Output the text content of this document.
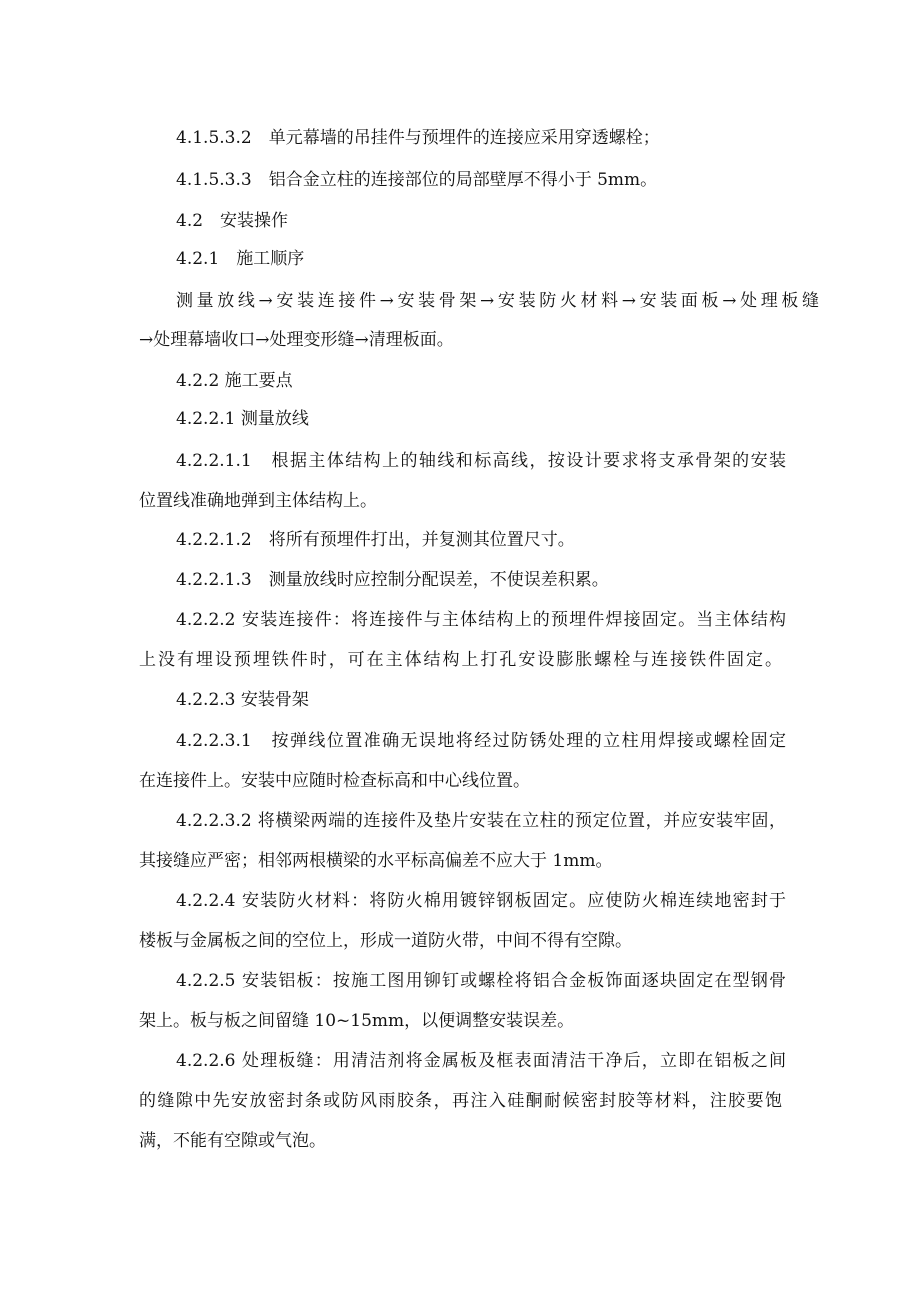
4.1.5.3.2　单元幕墙的吊挂件与预埋件的连接应采用穿透螺栓；
4.1.5.3.3　铝合金立柱的连接部位的局部壁厚不得小于 5mm。
4.2　安装操作
4.2.1　施工顺序
测量放线→安装连接件→安装骨架→安装防火材料→安装面板→处理板缝
→处理幕墙收口→处理变形缝→清理板面。
4.2.2 施工要点
4.2.2.1 测量放线
4.2.2.1.1　根据主体结构上的轴线和标高线，按设计要求将支承骨架的安装
位置线准确地弹到主体结构上。
4.2.2.1.2　将所有预埋件打出，并复测其位置尺寸。
4.2.2.1.3　测量放线时应控制分配误差，不使误差积累。
4.2.2.2 安装连接件：将连接件与主体结构上的预埋件焊接固定。当主体结构
上没有埋设预埋铁件时，可在主体结构上打孔安设膨胀螺栓与连接铁件固定。
4.2.2.3 安装骨架
4.2.2.3.1　按弹线位置准确无误地将经过防锈处理的立柱用焊接或螺栓固定
在连接件上。安装中应随时检查标高和中心线位置。
4.2.2.3.2 将横梁两端的连接件及垫片安装在立柱的预定位置，并应安装牢固，
其接缝应严密；相邻两根横梁的水平标高偏差不应大于 1mm。
4.2.2.4 安装防火材料：将防火棉用镀锌钢板固定。应使防火棉连续地密封于
楼板与金属板之间的空位上，形成一道防火带，中间不得有空隙。
4.2.2.5 安装铝板：按施工图用铆钉或螺栓将铝合金板饰面逐块固定在型钢骨
架上。板与板之间留缝 10~15mm，以便调整安装误差。
4.2.2.6 处理板缝：用清洁剂将金属板及框表面清洁干净后，立即在铝板之间
的缝隙中先安放密封条或防风雨胶条，再注入硅酮耐候密封胶等材料，注胶要饱
满，不能有空隙或气泡。
